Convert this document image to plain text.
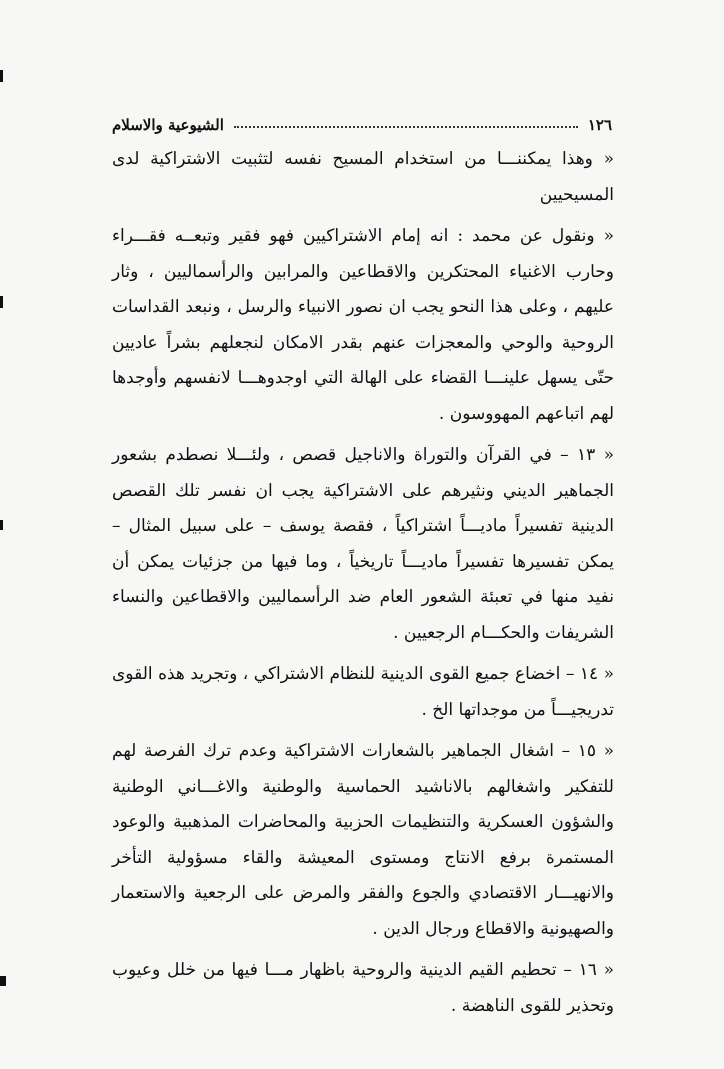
١٢٦
الشيوعية والاسلام

« وهذا يمكننـــا من استخدام المسيح نفسه لتثبيت الاشتراكية لدى المسيحيين

« ونقول عن محمد : انه إمام الاشتراكيين فهو فقير وتبعــه فقـــراء وحارب الاغنياء المحتكرين والاقطاعين والمرابين والرأسماليين ، وثار عليهم ، وعلى هذا النحو يجب ان نصور الانبياء والرسل ، ونبعد القداسات الروحية والوحي والمعجزات عنهم بقدر الامكان لنجعلهم بشراً عاديين حتّى يسهل علينـــا القضاء على الهالة التي اوجدوهـــا لانفسهم وأوجدها لهم اتباعهم المهووسون .

« ١٣ – في القرآن والتوراة والاناجيل قصص ، ولئـــلا نصطدم بشعور الجماهير الديني ونثيرهم على الاشتراكية يجب ان نفسر تلك القصص الدينية تفسيراً ماديـــاً اشتراكياً ، فقصة يوسف – على سبيل المثال – يمكن تفسيرها تفسيراً ماديـــاً تاريخياً ، وما فيها من جزئيات يمكن أن نفيد منها في تعبئة الشعور العام ضد الرأسماليين والاقطاعين والنساء الشريفات والحكـــام الرجعيين .

« ١٤ – اخضاع جميع القوى الدينية للنظام الاشتراكي ، وتجريد هذه القوى تدريجيـــاً من موجداتها الخ .

« ١٥ – اشغال الجماهير بالشعارات الاشتراكية وعدم ترك الفرصة لهم للتفكير واشغالهم بالاناشيد الحماسية والوطنية والاغـــاني الوطنية والشؤون العسكرية والتنظيمات الحزبية والمحاضرات المذهبية والوعود المستمرة برفع الانتاج ومستوى المعيشة والقاء مسؤولية التأخر والانهيـــار الاقتصادي والجوع والفقر والمرض على الرجعية والاستعمار والصهيونية والاقطاع ورجال الدين .

« ١٦ – تحطيم القيم الدينية والروحية باظهار مـــا فيها من خلل وعيوب وتحذير للقوى الناهضة .
